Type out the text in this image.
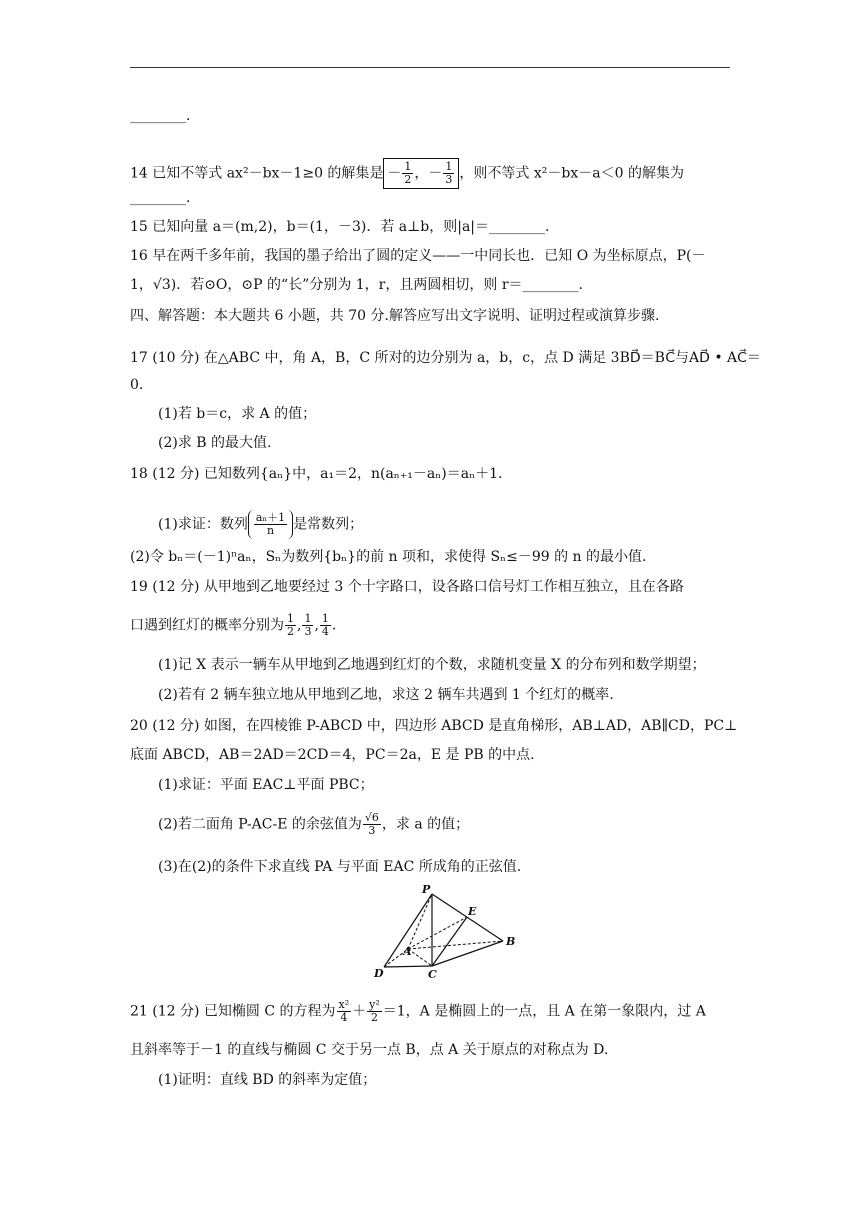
________.
14 已知不等式 ax²－bx－1≥0 的解集是 － $\frac{1}{2}$ ，－ $\frac{1}{3}$ ，则不等式 x²－bx－a＜0 的解集为
________.
15 已知向量 a＝(m,2)，b＝(1，－3)．若 a⊥b，则|a|＝________.
16 早在两千多年前，我国的墨子给出了圆的定义——一中同长也．已知 O 为坐标原点，P(－
1，√3)．若⊙O，⊙P 的“长”分别为 1，r，且两圆相切，则 r＝________.
四、解答题：本大题共 6 小题，共 70 分.解答应写出文字说明、证明过程或演算步骤.
17 (10 分) 在△ABC 中，角 A，B，C 所对的边分别为 a，b，c，点 D 满足 3BD⃗＝BC⃗与AD⃗ • AC⃗＝
0．
(1)若 b＝c，求 A 的值；
(2)求 B 的最大值.
18 (12 分) 已知数列{aₙ}中，a₁＝2，n(aₙ₊₁－aₙ)＝aₙ＋1.
(1)求证：数列 $\frac{\text{aₙ＋1}}{n}$ 是常数列；
(2)令 bₙ＝(－1)ⁿaₙ，Sₙ为数列{bₙ}的前 n 项和，求使得 Sₙ≤－99 的 n 的最小值.
19 (12 分) 从甲地到乙地要经过 3 个十字路口，设各路口信号灯工作相互独立，且在各路
口遇到红灯的概率分别为 $\frac{1}{2}$ , $\frac{1}{3}$ , $\frac{1}{4}$ .
(1)记 X 表示一辆车从甲地到乙地遇到红灯的个数，求随机变量 X 的分布列和数学期望；
(2)若有 2 辆车独立地从甲地到乙地，求这 2 辆车共遇到 1 个红灯的概率.
20 (12 分) 如图，在四棱锥 P-ABCD 中，四边形 ABCD 是直角梯形，AB⊥AD，AB∥CD，PC⊥
底面 ABCD，AB＝2AD＝2CD＝4，PC＝2a，E 是 PB 的中点.
(1)求证：平面 EAC⊥平面 PBC；
(2)若二面角 P-AC-E 的余弦值为 $\frac{√6}{3}$ ，求 a 的值；
(3)在(2)的条件下求直线 PA 与平面 EAC 所成角的正弦值.
P
E
A
B
D	C
21 (12 分) 已知椭圆 C 的方程为 $\frac{\text{x²}}{4} + \frac{\text{y²}}{2} =1$，A 是椭圆上的一点，且 A 在第一象限内，过 A
且斜率等于－1 的直线与椭圆 C 交于另一点 B，点 A 关于原点的对称点为 D.
(1)证明：直线 BD 的斜率为定值；
